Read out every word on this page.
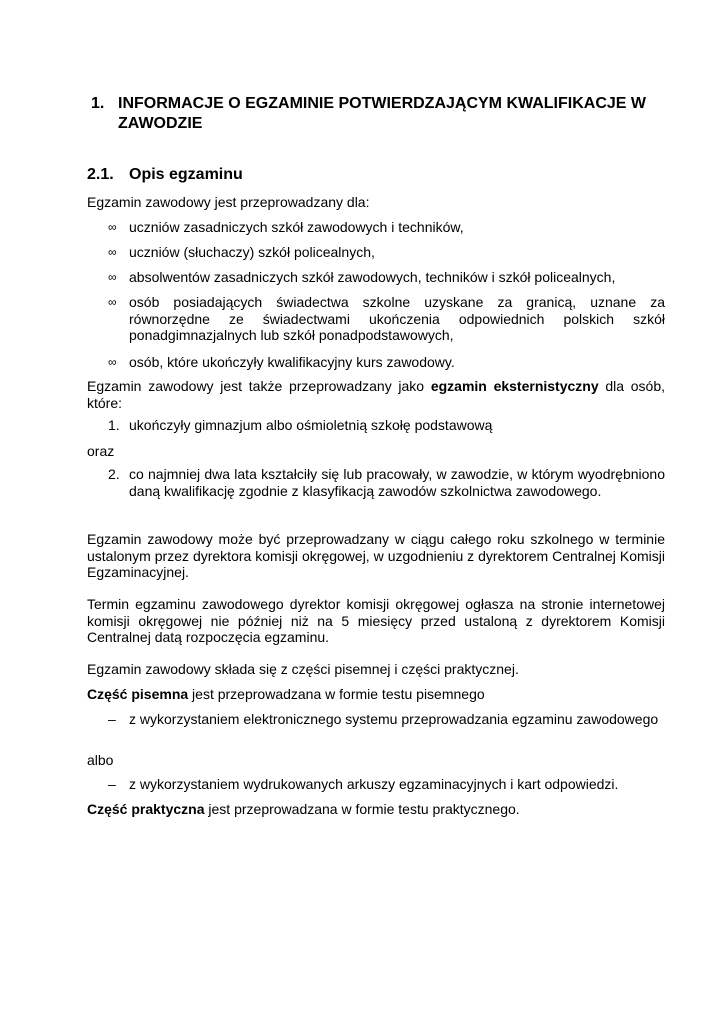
1. INFORMACJE O EGZAMINIE POTWIERDZAJĄCYM KWALIFIKACJE W ZAWODZIE
2.1. Opis egzaminu
Egzamin zawodowy jest przeprowadzany dla:
∞ uczniów zasadniczych szkół zawodowych i techników,
∞ uczniów (słuchaczy) szkół policealnych,
∞ absolwentów zasadniczych szkół zawodowych, techników i szkół policealnych,
∞ osób posiadających świadectwa szkolne uzyskane za granicą, uznane za równorzędne ze świadectwami ukończenia odpowiednich polskich szkół ponadgimnazjalnych lub szkół ponadpodstawowych,
∞ osób, które ukończyły kwalifikacyjny kurs zawodowy.
Egzamin zawodowy jest także przeprowadzany jako egzamin eksternistyczny dla osób, które:
1. ukończyły gimnazjum albo ośmioletnią szkołę podstawową
oraz
2. co najmniej dwa lata kształciły się lub pracowały, w zawodzie, w którym wyodrębniono daną kwalifikację zgodnie z klasyfikacją zawodów szkolnictwa zawodowego.
Egzamin zawodowy może być przeprowadzany w ciągu całego roku szkolnego w terminie ustalonym przez dyrektora komisji okręgowej, w uzgodnieniu z dyrektorem Centralnej Komisji Egzaminacyjnej.
Termin egzaminu zawodowego dyrektor komisji okręgowej ogłasza na stronie internetowej komisji okręgowej nie później niż na 5 miesięcy przed ustaloną z dyrektorem Komisji Centralnej datą rozpoczęcia egzaminu.
Egzamin zawodowy składa się z części pisemnej i części praktycznej.
Część pisemna jest przeprowadzana w formie testu pisemnego
– z wykorzystaniem elektronicznego systemu przeprowadzania egzaminu zawodowego
albo
– z wykorzystaniem wydrukowanych arkuszy egzaminacyjnych i kart odpowiedzi.
Część praktyczna jest przeprowadzana w formie testu praktycznego.
